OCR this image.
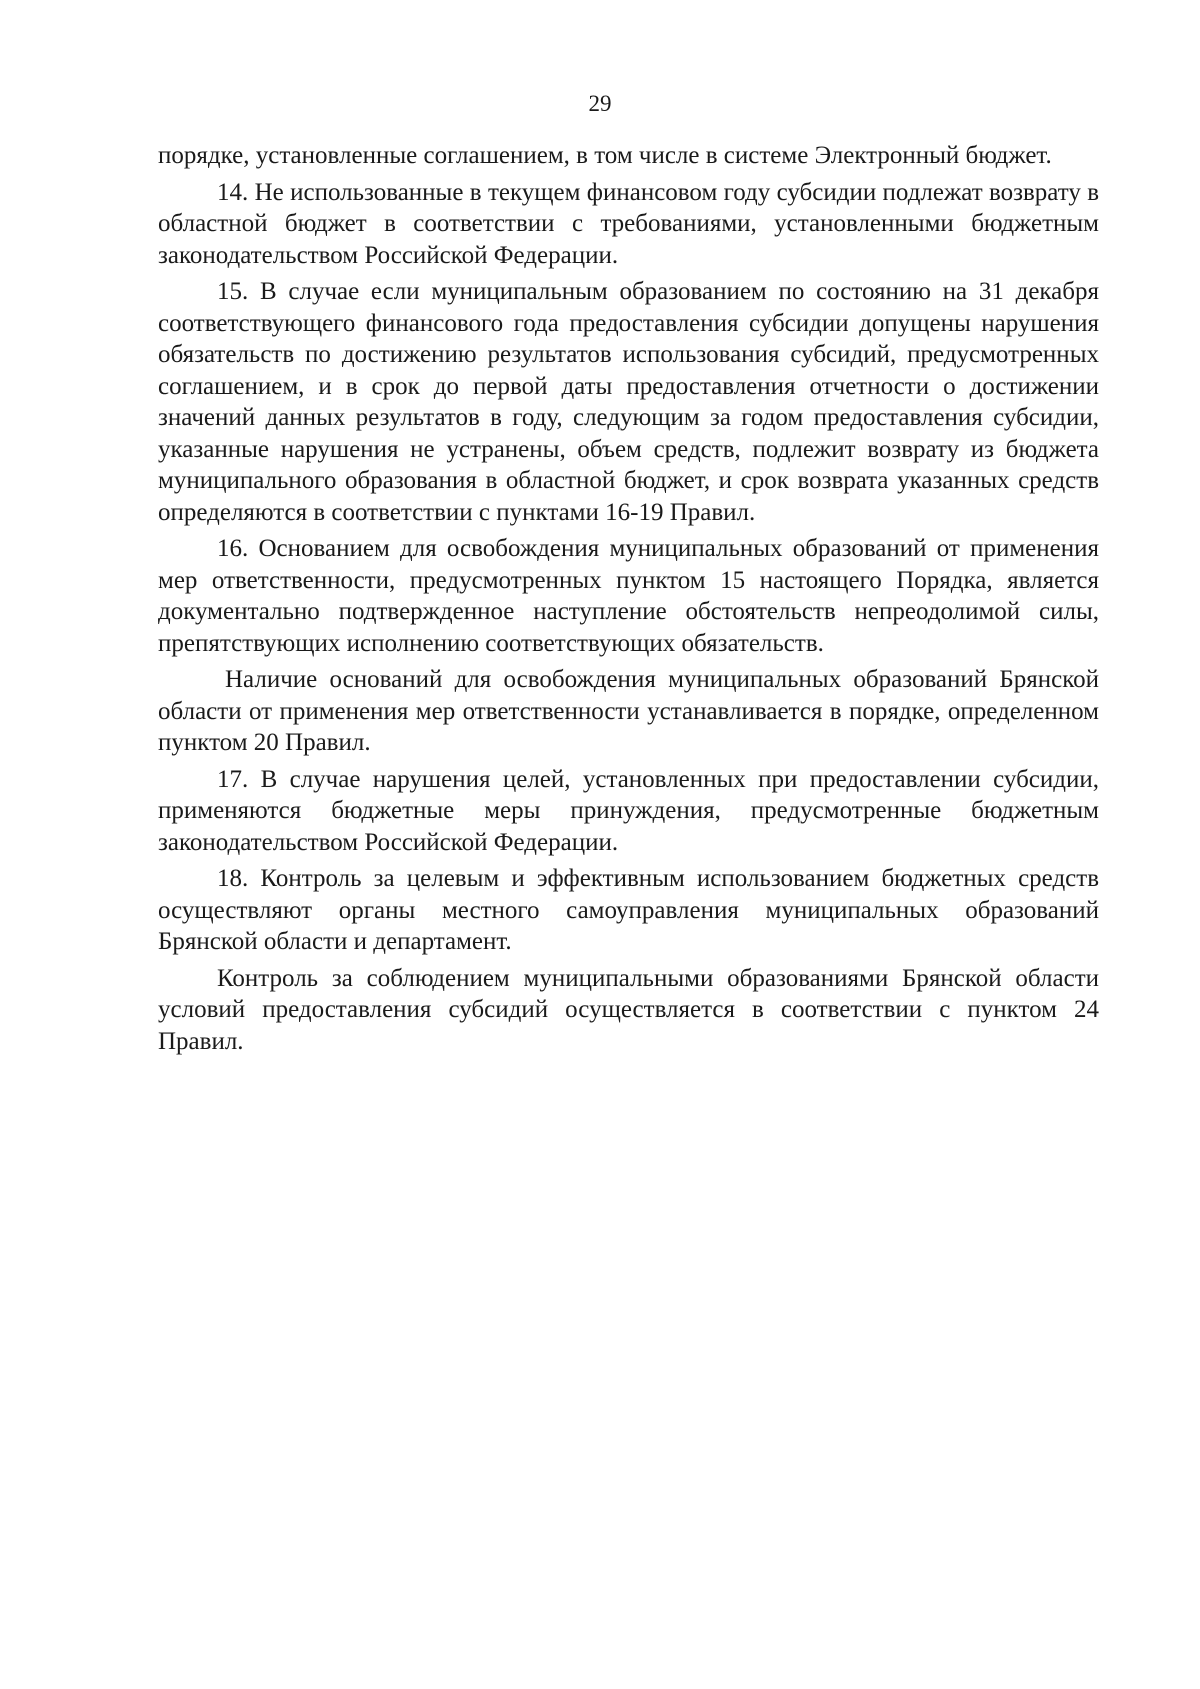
29

порядке, установленные соглашением, в том числе в системе Электронный бюджет.

14. Не использованные в текущем финансовом году субсидии подлежат возврату в областной бюджет в соответствии с требованиями, установленными бюджетным законодательством Российской Федерации.

15. В случае если муниципальным образованием по состоянию на 31 декабря соответствующего финансового года предоставления субсидии допущены нарушения обязательств по достижению результатов использования субсидий, предусмотренных соглашением, и в срок до первой даты предоставления отчетности о достижении значений данных результатов в году, следующим за годом предоставления субсидии, указанные нарушения не устранены, объем средств, подлежит возврату из бюджета муниципального образования в областной бюджет, и срок возврата указанных средств определяются в соответствии с пунктами 16-19 Правил.

16. Основанием для освобождения муниципальных образований от применения мер ответственности, предусмотренных пунктом 15 настоящего Порядка, является документально подтвержденное наступление обстоятельств непреодолимой силы, препятствующих исполнению соответствующих обязательств.

Наличие оснований для освобождения муниципальных образований Брянской области от применения мер ответственности устанавливается в порядке, определенном пунктом 20 Правил.

17. В случае нарушения целей, установленных при предоставлении субсидии, применяются бюджетные меры принуждения, предусмотренные бюджетным законодательством Российской Федерации.

18. Контроль за целевым и эффективным использованием бюджетных средств осуществляют органы местного самоуправления муниципальных образований Брянской области и департамент.

Контроль за соблюдением муниципальными образованиями Брянской области условий предоставления субсидий осуществляется в соответствии с пунктом 24 Правил.
